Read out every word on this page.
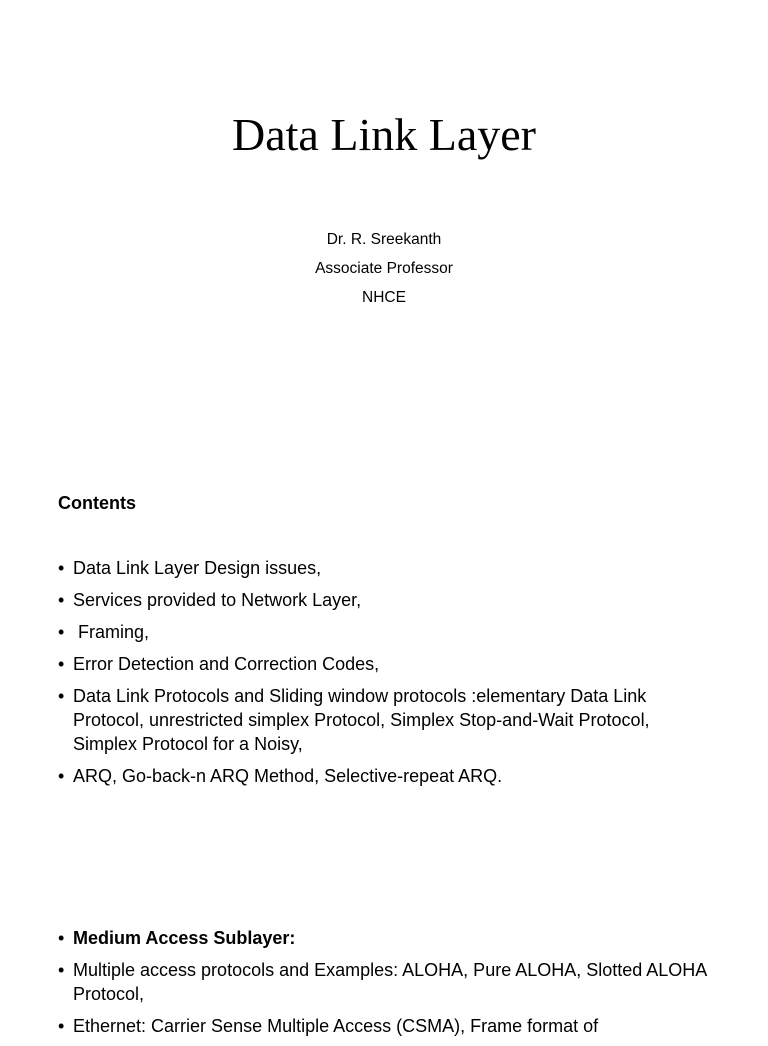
Data Link Layer
Dr. R. Sreekanth
Associate Professor
NHCE
Contents
• Data Link Layer Design issues,
• Services provided to Network Layer,
• Framing,
• Error Detection and Correction Codes,
• Data Link Protocols and Sliding window protocols :elementary Data Link Protocol, unrestricted simplex Protocol, Simplex Stop-and-Wait Protocol, Simplex Protocol for a Noisy,
• ARQ, Go-back-n ARQ Method, Selective-repeat ARQ.
• Medium Access Sublayer:
• Multiple access protocols and Examples: ALOHA, Pure ALOHA, Slotted ALOHA Protocol,
• Ethernet: Carrier Sense Multiple Access (CSMA), Frame format of
